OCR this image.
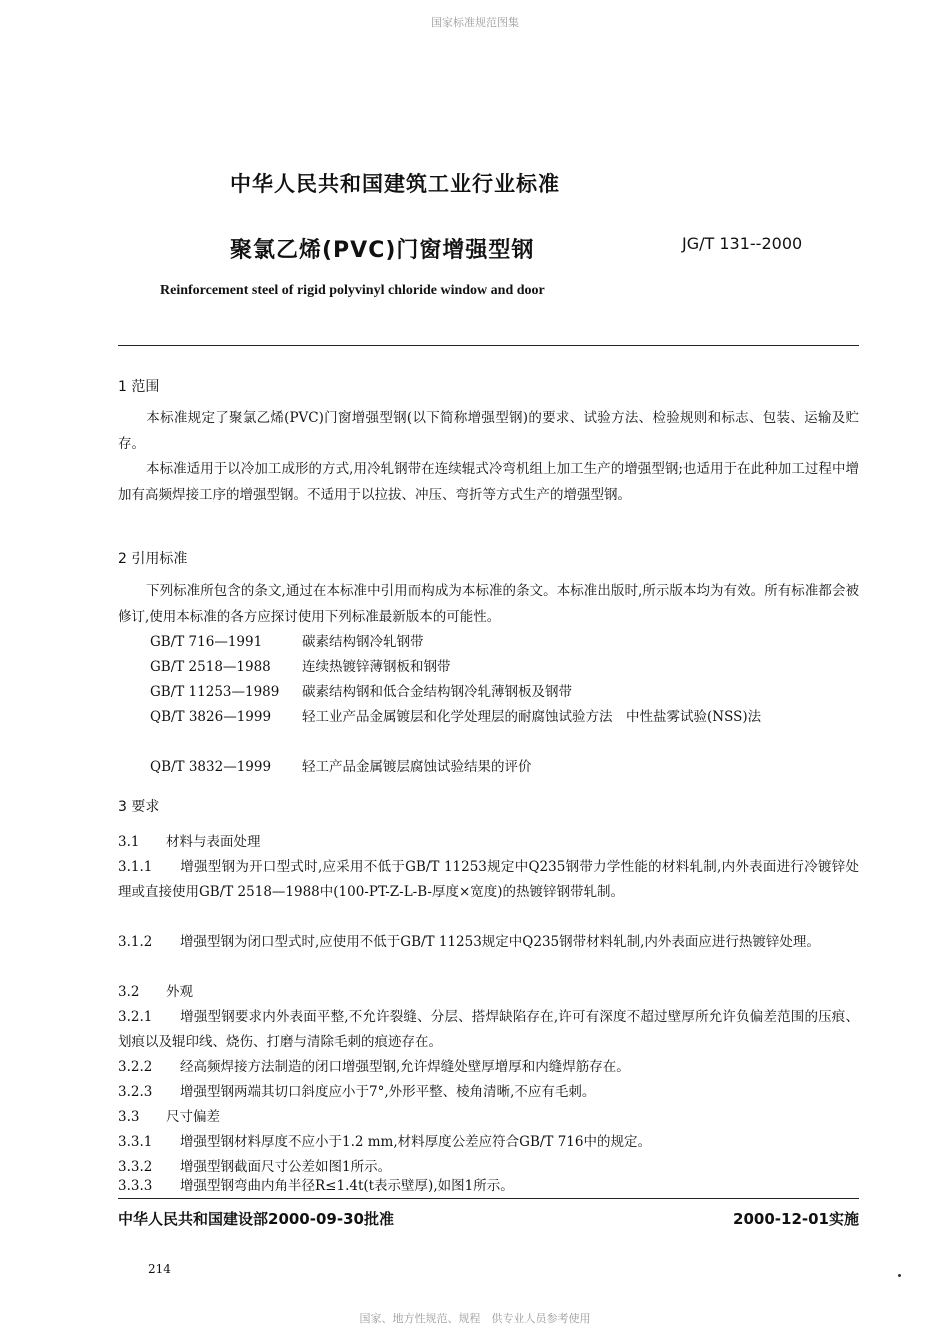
国家标准规范图集
中华人民共和国建筑工业行业标准
聚氯乙烯(PVC)门窗增强型钢	JG/T 131--2000
Reinforcement steel of rigid polyvinyl chloride window and door
1 范围
本标准规定了聚氯乙烯(PVC)门窗增强型钢(以下简称增强型钢)的要求、试验方法、检验规则和标志、包装、运输及贮存。
本标准适用于以冷加工成形的方式,用冷轧钢带在连续辊式冷弯机组上加工生产的增强型钢;也适用于在此种加工过程中增加有高频焊接工序的增强型钢。不适用于以拉拔、冲压、弯折等方式生产的增强型钢。
2 引用标准
下列标准所包含的条文,通过在本标准中引用而构成为本标准的条文。本标准出版时,所示版本均为有效。所有标准都会被修订,使用本标准的各方应探讨使用下列标准最新版本的可能性。
GB/T 716—1991	碳素结构钢冷轧钢带
GB/T 2518—1988 连续热镀锌薄钢板和钢带
GB/T 11253—1989 碳素结构钢和低合金结构钢冷轧薄钢板及钢带
QB/T 3826—1999 轻工业产品金属镀层和化学处理层的耐腐蚀试验方法　中性盐雾试验(NSS)法
QB/T 3832—1999 轻工产品金属镀层腐蚀试验结果的评价
3 要求
3.1 材料与表面处理
3.1.1 增强型钢为开口型式时,应采用不低于GB/T 11253规定中Q235钢带力学性能的材料轧制,内外表面进行冷镀锌处理或直接使用GB/T 2518—1988中(100-PT-Z-L-B-厚度×宽度)的热镀锌钢带轧制。
3.1.2 增强型钢为闭口型式时,应使用不低于GB/T 11253规定中Q235钢带材料轧制,内外表面应进行热镀锌处理。
3.2 外观
3.2.1 增强型钢要求内外表面平整,不允许裂缝、分层、搭焊缺陷存在,许可有深度不超过壁厚所允许负偏差范围的压痕、划痕以及辊印线、烧伤、打磨与清除毛刺的痕迹存在。
3.2.2 经高频焊接方法制造的闭口增强型钢,允许焊缝处壁厚增厚和内缝焊筋存在。
3.2.3 增强型钢两端其切口斜度应小于7°,外形平整、棱角清晰,不应有毛刺。
3.3 尺寸偏差
3.3.1 增强型钢材料厚度不应小于1.2 mm,材料厚度公差应符合GB/T 716中的规定。
3.3.2 增强型钢截面尺寸公差如图1所示。
3.3.3 增强型钢弯曲内角半径R≤1.4t(t表示壁厚),如图1所示。
中华人民共和国建设部2000-09-30批准	2000-12-01实施
214
国家、地方性规范、规程　供专业人员参考使用
